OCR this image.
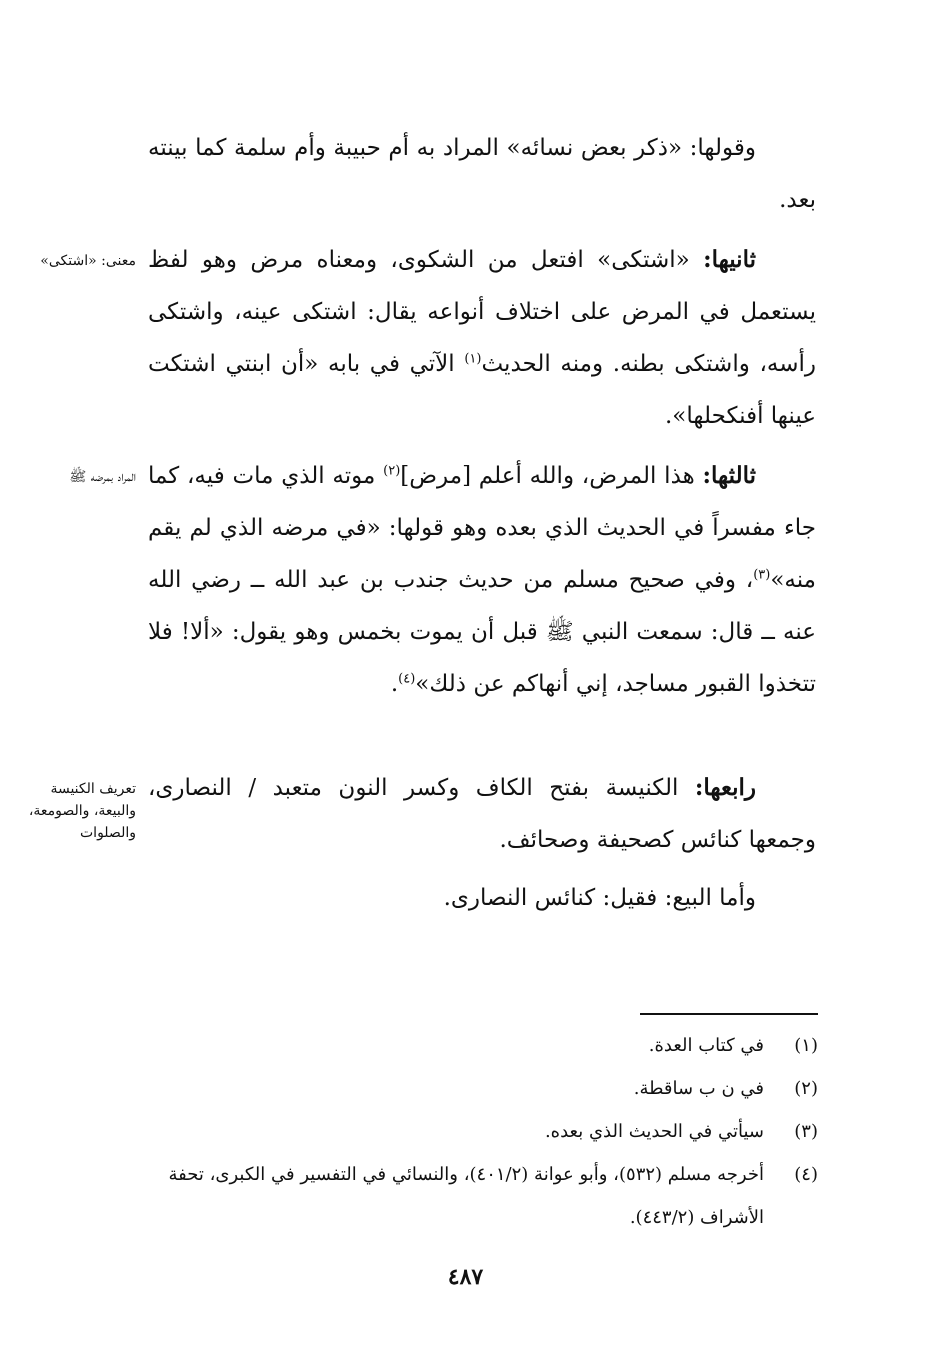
وقولها: «ذكر بعض نسائه» المراد به أم حبيبة وأم سلمة كما بينته بعد.

ثانيها: «اشتكى» افتعل من الشكوى، ومعناه مرض وهو لفظ يستعمل في المرض على اختلاف أنواعه يقال: اشتكى عينه، واشتكى رأسه، واشتكى بطنه. ومنه الحديث$^{(١)}$ الآتي في بابه «أن ابنتي اشتكت عينها أفنكحلها».

ثالثها: هذا المرض، والله أعلم [مرض]$^{(٢)}$ موته الذي مات فيه، كما جاء مفسراً في الحديث الذي بعده وهو قولها: «في مرضه الذي لم يقم منه»$^{(٣)}$، وفي صحيح مسلم من حديث جندب بن عبد الله ــ رضي الله عنه ــ قال: سمعت النبي ﷺ قبل أن يموت بخمس وهو يقول: «ألا! فلا تتخذوا القبور مساجد، إني أنهاكم عن ذلك»$^{(٤)}$.

رابعها: الكنيسة بفتح الكاف وكسر النون متعبد / النصارى، وجمعها كنائس كصحيفة وصحائف.

وأما البيع: فقيل: كنائس النصارى.

معنى: «اشتكى»
المراد بمرضه ﷺ
تعريف الكنيسة والبيعة، والصومعة، والصلوات
(١)
في كتاب العدة.
(٢)
في ن ب ساقطة.
(٣)
سيأتي في الحديث الذي بعده.
(٤)
أخرجه مسلم (٥٣٢)، وأبو عوانة (٤٠١/٢)، والنسائي في التفسير في الكبرى، تحفة الأشراف (٤٤٣/٢).
٤٨٧
